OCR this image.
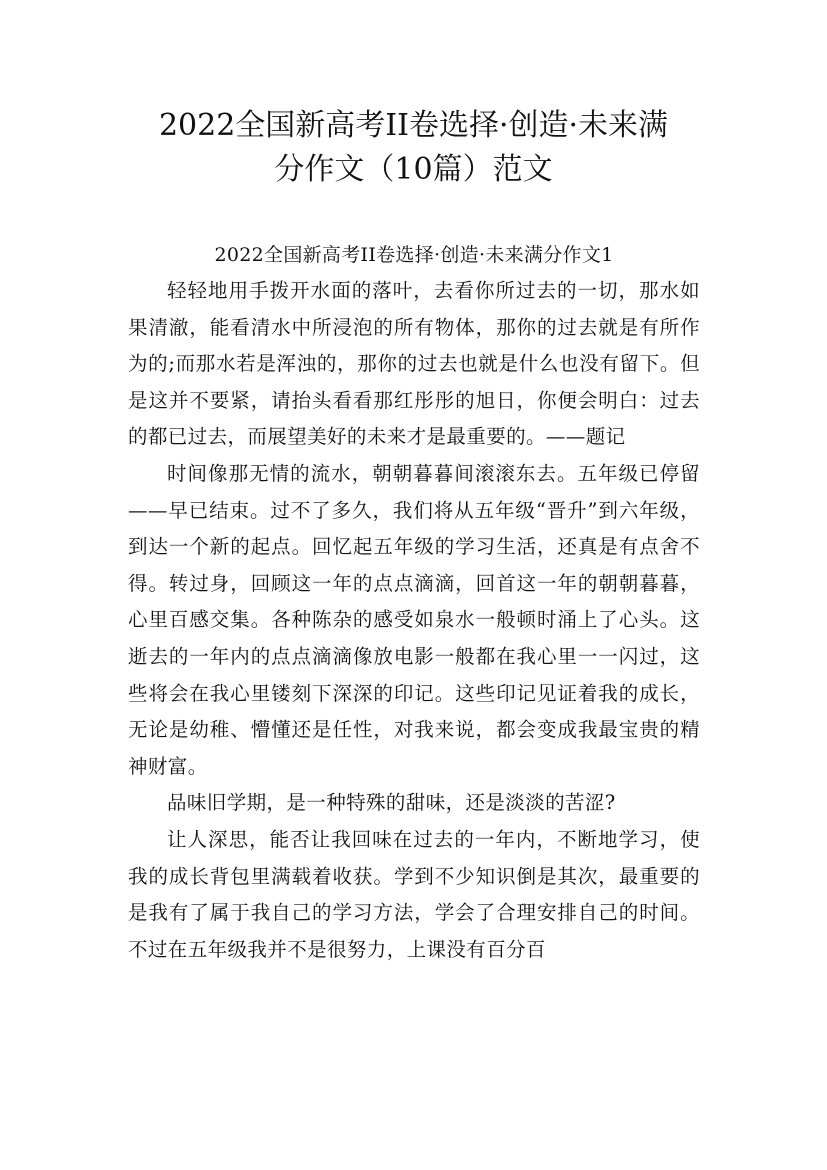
2022全国新高考II卷选择·创造·未来满
分作文（10篇）范文
2022全国新高考II卷选择·创造·未来满分作文1

轻轻地用手拨开水面的落叶，去看你所过去的一切，那水如果清澈，能看清水中所浸泡的所有物体，那你的过去就是有所作为的;而那水若是浑浊的，那你的过去也就是什么也没有留下。但是这并不要紧，请抬头看看那红彤彤的旭日，你便会明白：过去的都已过去，而展望美好的未来才是最重要的。——题记

时间像那无情的流水，朝朝暮暮间滚滚东去。五年级已停留——早已结束。过不了多久，我们将从五年级“晋升”到六年级，到达一个新的起点。回忆起五年级的学习生活，还真是有点舍不得。转过身，回顾这一年的点点滴滴，回首这一年的朝朝暮暮，心里百感交集。各种陈杂的感受如泉水一般顿时涌上了心头。这逝去的一年内的点点滴滴像放电影一般都在我心里一一闪过，这些将会在我心里镂刻下深深的印记。这些印记见证着我的成长，无论是幼稚、懵懂还是任性，对我来说，都会变成我最宝贵的精神财富。

品味旧学期，是一种特殊的甜味，还是淡淡的苦涩?

让人深思，能否让我回味在过去的一年内，不断地学习，使我的成长背包里满载着收获。学到不少知识倒是其次，最重要的是我有了属于我自己的学习方法，学会了合理安排自己的时间。不过在五年级我并不是很努力，上课没有百分百
